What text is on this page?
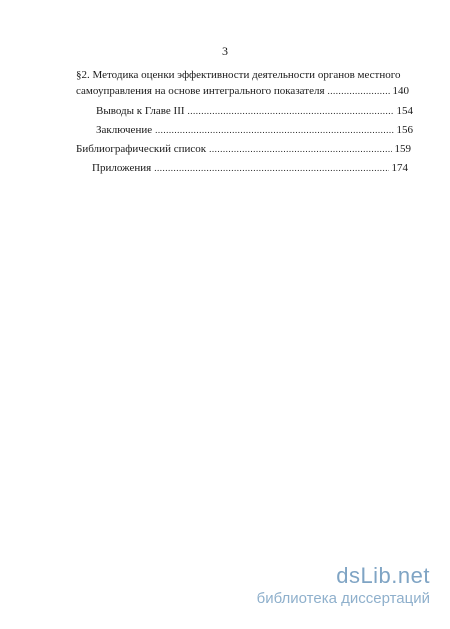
3
§2. Методика оценки эффективности деятельности органов местного
самоуправления на основе интегрального показателя .....	140
Выводы к Главе III .....	154
Заключение .....	156
Библиографический список .....	159
Приложения .....	174
dsLib.net
библиотека диссертаций
